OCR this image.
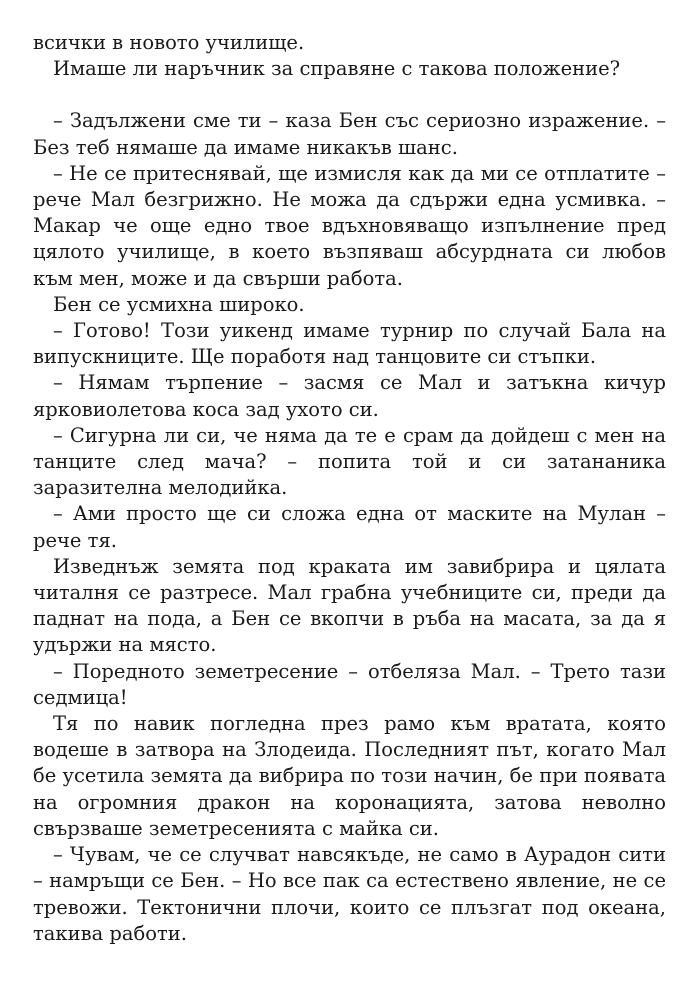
всички в новото училище.

Имаше ли наръчник за справяне с такова положение?

– Задължени сме ти – каза Бен със сериозно изражение. – Без теб нямаше да имаме никакъв шанс.

– Не се притеснявай, ще измисля как да ми се отплатите – рече Мал безгрижно. Не можа да сдържи една усмивка. – Макар че още едно твое вдъхновяващо изпълнение пред цялото училище, в което възпяваш абсурдната си любов към мен, може и да свърши работа.

Бен се усмихна широко.

– Готово! Този уикенд имаме турнир по случай Бала на випускниците. Ще поработя над танцовите си стъпки.

– Нямам търпение – засмя се Мал и затъкна кичур ярковиолетова коса зад ухото си.

– Сигурна ли си, че няма да те е срам да дойдеш с мен на танците след мача? – попита той и си затананика заразителна мелодийка.

– Ами просто ще си сложа една от маските на Мулан – рече тя.

Изведнъж земята под краката им завибрира и цялата читалня се разтресе. Мал грабна учебниците си, преди да паднат на пода, а Бен се вкопчи в ръба на масата, за да я удържи на място.

– Поредното земетресение – отбеляза Мал. – Трето тази седмица!

Тя по навик погледна през рамо към вратата, която водеше в затвора на Злодеида. Последният път, когато Мал бе усетила земята да вибрира по този начин, бе при появата на огромния дракон на коронацията, затова неволно свързваше земетресенията с майка си.

– Чувам, че се случват навсякъде, не само в Аурадон сити – намръщи се Бен. – Но все пак са естествено явление, не се тревожи. Тектонични плочи, които се плъзгат под океана, такива работи.
